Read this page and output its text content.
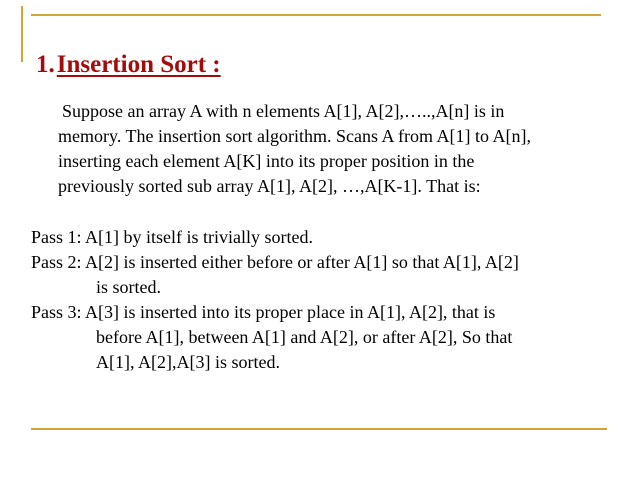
1.Insertion Sort :
Suppose an array A with n elements A[1], A[2],…..,A[n] is in
memory. The insertion sort algorithm. Scans A from A[1] to A[n],
inserting each element A[K] into its proper position in the
previously sorted sub array A[1], A[2], …,A[K-1]. That is:
Pass 1: A[1] by itself is trivially sorted.
Pass 2: A[2] is inserted either before or after A[1] so that A[1], A[2]
is sorted.
Pass 3: A[3] is inserted into its proper place in A[1], A[2], that is
before A[1], between A[1] and A[2], or after A[2], So that
A[1], A[2],A[3] is sorted.
